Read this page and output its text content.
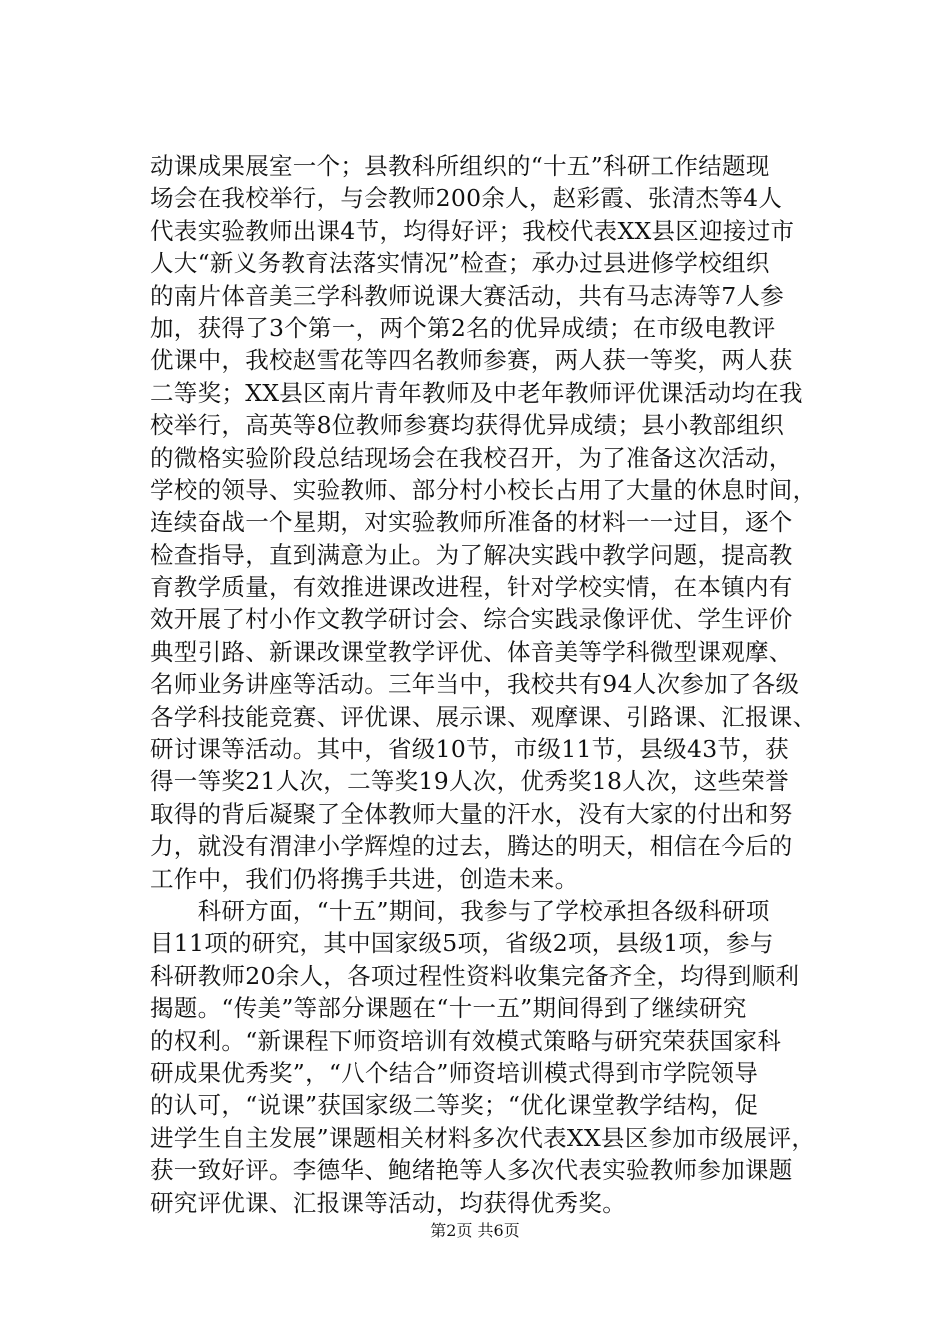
动课成果展室一个；县教科所组织的“十五”科研工作结题现
场会在我校举行，与会教师200余人，赵彩霞、张清杰等4人
代表实验教师出课4节，均得好评；我校代表XX县区迎接过市
人大“新义务教育法落实情况”检查；承办过县进修学校组织
的南片体音美三学科教师说课大赛活动，共有马志涛等7人参
加，获得了3个第一，两个第2名的优异成绩；在市级电教评
优课中，我校赵雪花等四名教师参赛，两人获一等奖，两人获
二等奖；XX县区南片青年教师及中老年教师评优课活动均在我
校举行，高英等8位教师参赛均获得优异成绩；县小教部组织
的微格实验阶段总结现场会在我校召开，为了准备这次活动，
学校的领导、实验教师、部分村小校长占用了大量的休息时间，
连续奋战一个星期，对实验教师所准备的材料一一过目，逐个
检查指导，直到满意为止。为了解决实践中教学问题，提高教
育教学质量，有效推进课改进程，针对学校实情，在本镇内有
效开展了村小作文教学研讨会、综合实践录像评优、学生评价
典型引路、新课改课堂教学评优、体音美等学科微型课观摩、
名师业务讲座等活动。三年当中，我校共有94人次参加了各级
各学科技能竞赛、评优课、展示课、观摩课、引路课、汇报课、
研讨课等活动。其中，省级10节，市级11节，县级43节，获
得一等奖21人次，二等奖19人次，优秀奖18人次，这些荣誉
取得的背后凝聚了全体教师大量的汗水，没有大家的付出和努
力，就没有渭津小学辉煌的过去，腾达的明天，相信在今后的
工作中，我们仍将携手共进，创造未来。
　　科研方面，“十五”期间，我参与了学校承担各级科研项
目11项的研究，其中国家级5项，省级2项，县级1项，参与
科研教师20余人，各项过程性资料收集完备齐全，均得到顺利
揭题。“传美”等部分课题在“十一五”期间得到了继续研究
的权利。“新课程下师资培训有效模式策略与研究荣获国家科
研成果优秀奖”，“八个结合”师资培训模式得到市学院领导
的认可，“说课”获国家级二等奖；“优化课堂教学结构，促
进学生自主发展”课题相关材料多次代表XX县区参加市级展评，
获一致好评。李德华、鲍绪艳等人多次代表实验教师参加课题
研究评优课、汇报课等活动，均获得优秀奖。
第2页 共6页
